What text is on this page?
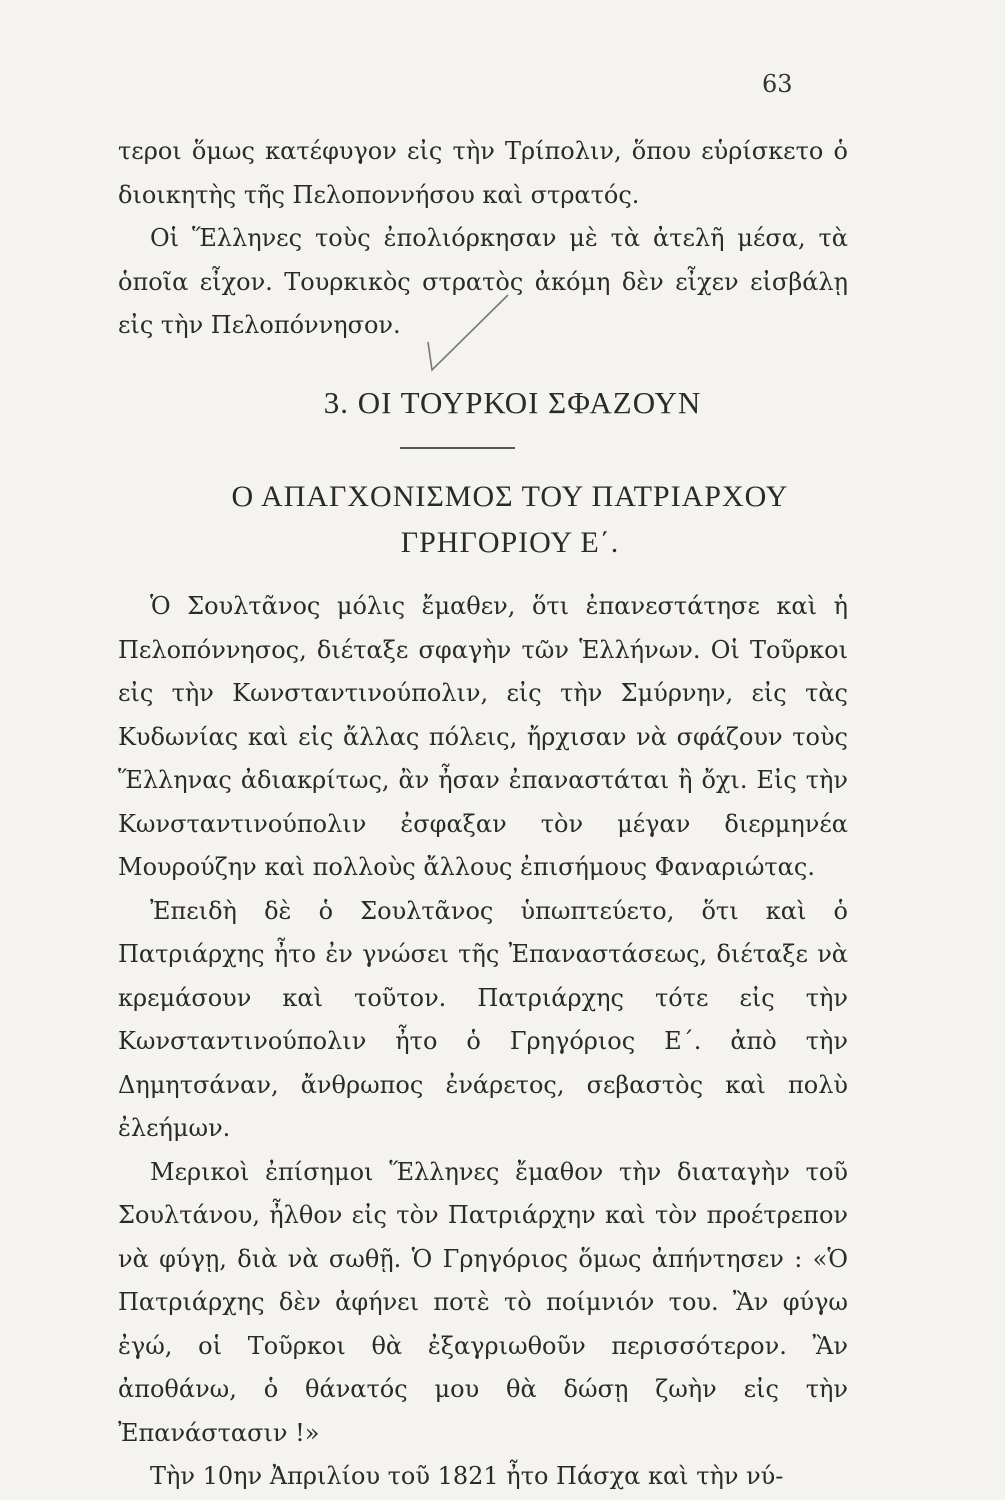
63

τεροι ὅμως κατέφυγον εἰς τὴν Τρίπολιν, ὅπου εὑρίσκετο ὁ διοικητὴς τῆς Πελοποννήσου καὶ στρατός.

Οἱ Ἕλληνες τοὺς ἐπολιόρκησαν μὲ τὰ ἀτελῆ μέσα, τὰ ὁποῖα εἶχον. Τουρκικὸς στρατὸς ἀκόμη δὲν εἶχεν εἰσβάλῃ εἰς τὴν Πελοπόννησον.

3. ΟΙ ΤΟΥΡΚΟΙ ΣΦΑΖΟΥΝ
Ο ΑΠΑΓΧΟΝΙΣΜΟΣ ΤΟΥ ΠΑΤΡΙΑΡΧΟΥ
ΓΡΗΓΟΡΙΟΥ Ε΄.

Ὁ Σουλτᾶνος μόλις ἔμαθεν, ὅτι ἐπανεστάτησε καὶ ἡ Πελοπόννησος, διέταξε σφαγὴν τῶν Ἑλλήνων. Οἱ Τοῦρκοι εἰς τὴν Κωνσταντινούπολιν, εἰς τὴν Σμύρνην, εἰς τὰς Κυδωνίας καὶ εἰς ἄλλας πόλεις, ἤρχισαν νὰ σφάζουν τοὺς Ἕλληνας ἀδιακρίτως, ἂν ἦσαν ἐπαναστάται ἢ ὄχι. Εἰς τὴν Κωνσταντινούπολιν ἐσφαξαν τὸν μέγαν διερμηνέα Μουρούζην καὶ πολλοὺς ἄλλους ἐπισήμους Φαναριώτας.

Ἐπειδὴ δὲ ὁ Σουλτᾶνος ὑπωπτεύετο, ὅτι καὶ ὁ Πατριάρχης ἦτο ἐν γνώσει τῆς Ἐπαναστάσεως, διέταξε νὰ κρεμάσουν καὶ τοῦτον. Πατριάρχης τότε εἰς τὴν Κωνσταντινούπολιν ἦτο ὁ Γρηγόριος Ε΄. ἀπὸ τὴν Δημητσάναν, ἄνθρωπος ἐνάρετος, σεβαστὸς καὶ πολὺ ἐλεήμων.

Μερικοὶ ἐπίσημοι Ἕλληνες ἔμαθον τὴν διαταγὴν τοῦ Σουλτάνου, ἦλθον εἰς τὸν Πατριάρχην καὶ τὸν προέτρεπον νὰ φύγῃ, διὰ νὰ σωθῇ. Ὁ Γρηγόριος ὅμως ἀπήντησεν : «Ὁ Πατριάρχης δὲν ἀφήνει ποτὲ τὸ ποίμνιόν του. Ἂν φύγω ἐγώ, οἱ Τοῦρκοι θὰ ἐξαγριωθοῦν περισσότερον. Ἂν ἀποθάνω, ὁ θάνατός μου θὰ δώσῃ ζωὴν εἰς τὴν Ἐπανάστασιν !»

Τὴν 10ην Ἀπριλίου τοῦ 1821 ἦτο Πάσχα καὶ τὴν νύ-
